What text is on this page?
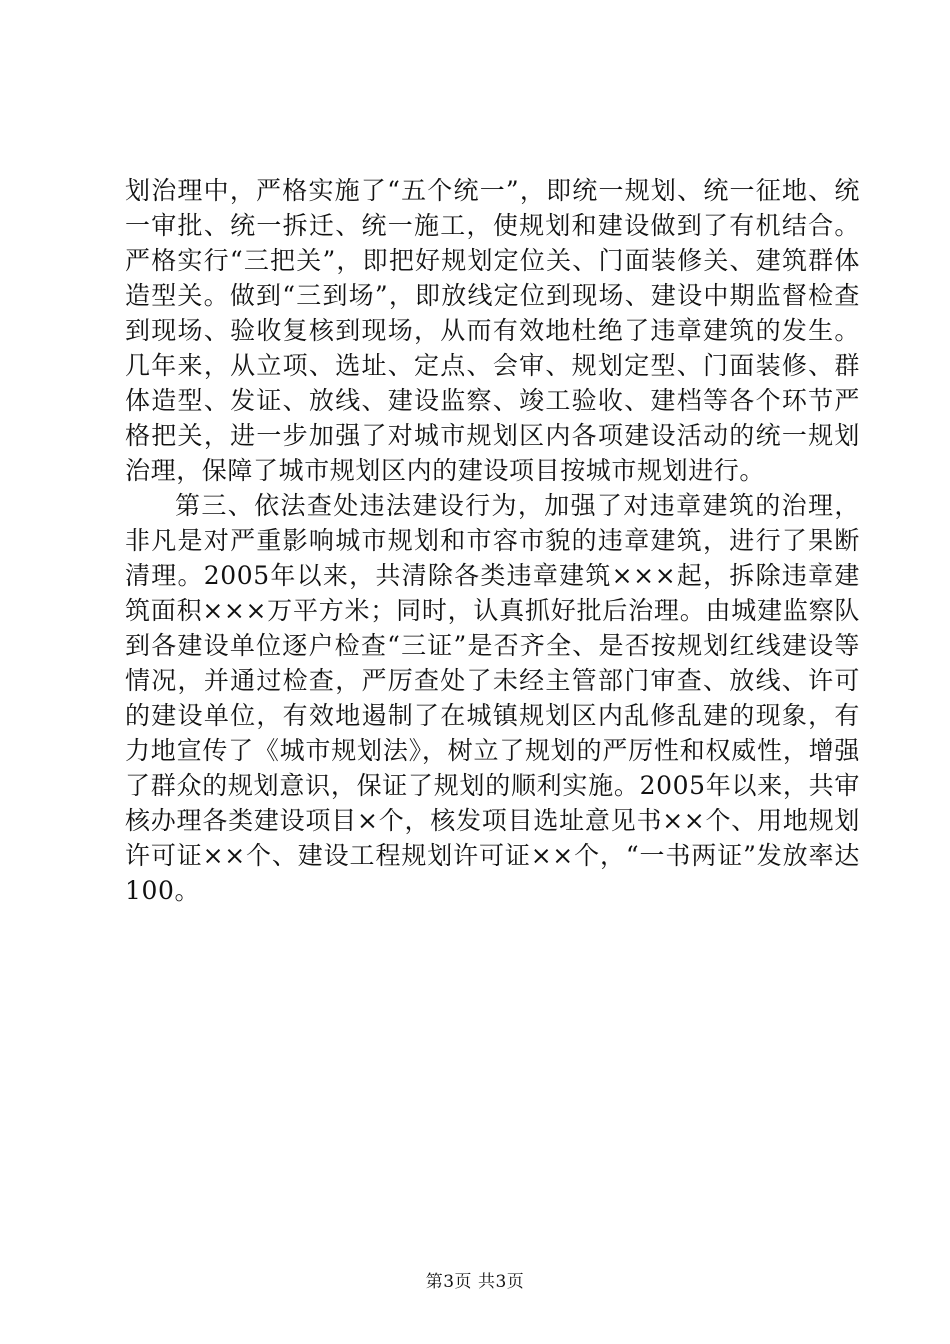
划治理中，严格实施了“五个统一”，即统一规划、统一征地、统一审批、统一拆迁、统一施工，使规划和建设做到了有机结合。严格实行“三把关”，即把好规划定位关、门面装修关、建筑群体造型关。做到“三到场”，即放线定位到现场、建设中期监督检查到现场、验收复核到现场，从而有效地杜绝了违章建筑的发生。几年来，从立项、选址、定点、会审、规划定型、门面装修、群体造型、发证、放线、建设监察、竣工验收、建档等各个环节严格把关，进一步加强了对城市规划区内各项建设活动的统一规划治理，保障了城市规划区内的建设项目按城市规划进行。

第三、依法查处违法建设行为，加强了对违章建筑的治理，非凡是对严重影响城市规划和市容市貌的违章建筑，进行了果断清理。2005年以来，共清除各类违章建筑×××起，拆除违章建筑面积×××万平方米；同时，认真抓好批后治理。由城建监察队到各建设单位逐户检查“三证”是否齐全、是否按规划红线建设等情况，并通过检查，严厉查处了未经主管部门审查、放线、许可的建设单位，有效地遏制了在城镇规划区内乱修乱建的现象，有力地宣传了《城市规划法》，树立了规划的严厉性和权威性，增强了群众的规划意识，保证了规划的顺利实施。2005年以来，共审核办理各类建设项目×个，核发项目选址意见书××个、用地规划许可证××个、建设工程规划许可证××个，“一书两证”发放率达100。

第3页 共3页
